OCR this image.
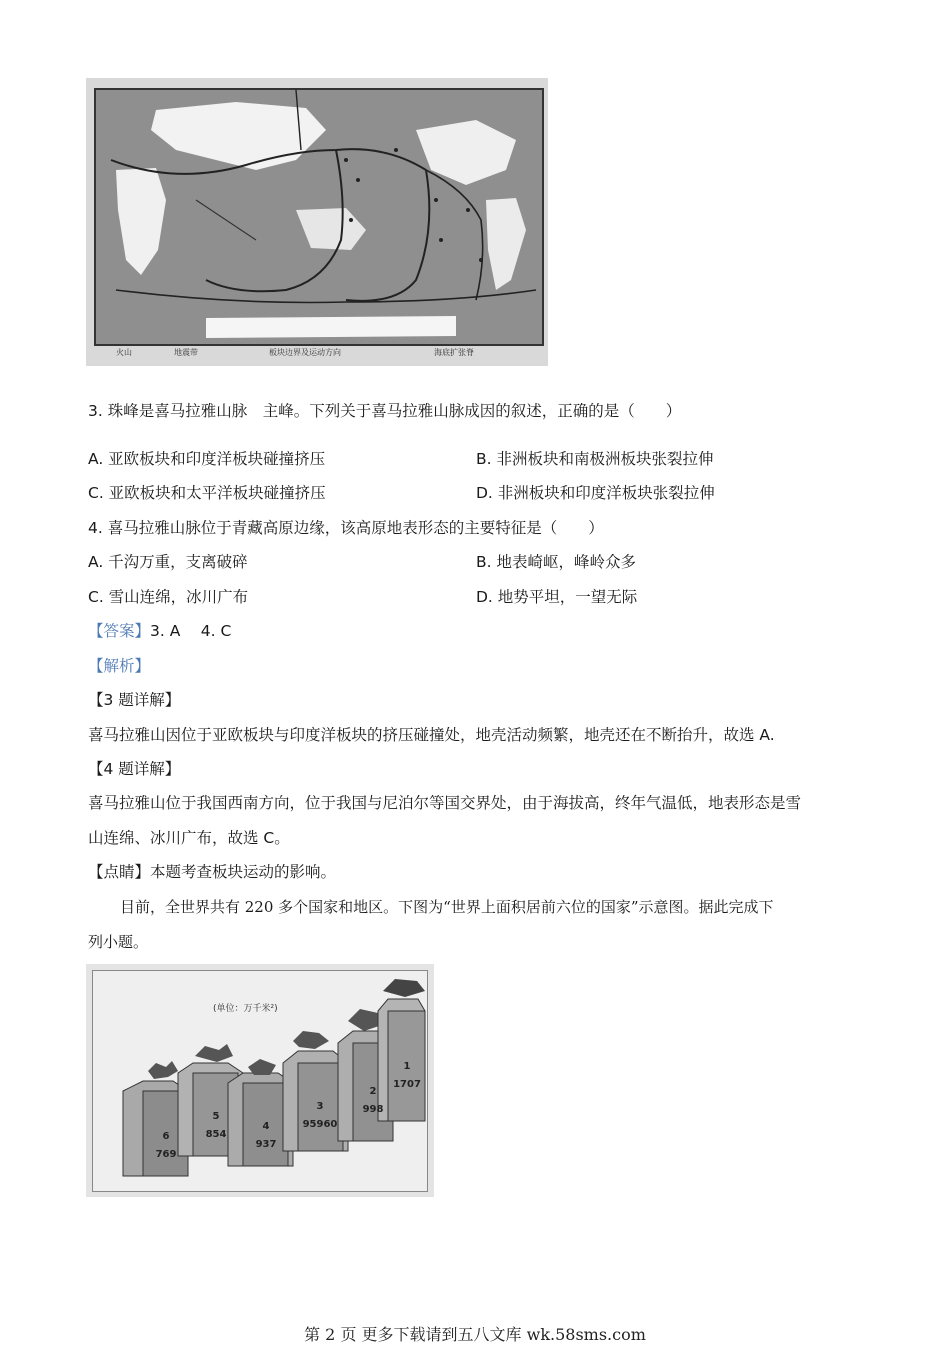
火山	地震带	板块边界及运动方向	海底扩张脊
3. 珠峰是喜马拉雅山脉　主峰。下列关于喜马拉雅山脉成因的叙述，正确的是（　　）
A. 亚欧板块和印度洋板块碰撞挤压	B. 非洲板块和南极洲板块张裂拉伸
C. 亚欧板块和太平洋板块碰撞挤压	D. 非洲板块和印度洋板块张裂拉伸
4. 喜马拉雅山脉位于青藏高原边缘，该高原地表形态的主要特征是（　　）
A. 千沟万重，支离破碎	B. 地表崎岖，峰岭众多
C. 雪山连绵，冰川广布	D. 地势平坦，一望无际
【答案】3. A　 4. C
【解析】
【3 题详解】
喜马拉雅山因位于亚欧板块与印度洋板块的挤压碰撞处，地壳活动频繁，地壳还在不断抬升，故选 A.
【4 题详解】
喜马拉雅山位于我国西南方向，位于我国与尼泊尔等国交界处，由于海拔高，终年气温低，地表形态是雪
山连绵、冰川广布，故选 C。
【点睛】本题考查板块运动的影响。
目前，全世界共有 220 多个国家和地区。下图为“世界上面积居前六位的国家”示意图。据此完成下
列小题。
(单位：万千米²)
6
769
5
854
4
937
3
95960
2
998
1
1707
第 2 页 更多下载请到五八文库 wk.58sms.com
